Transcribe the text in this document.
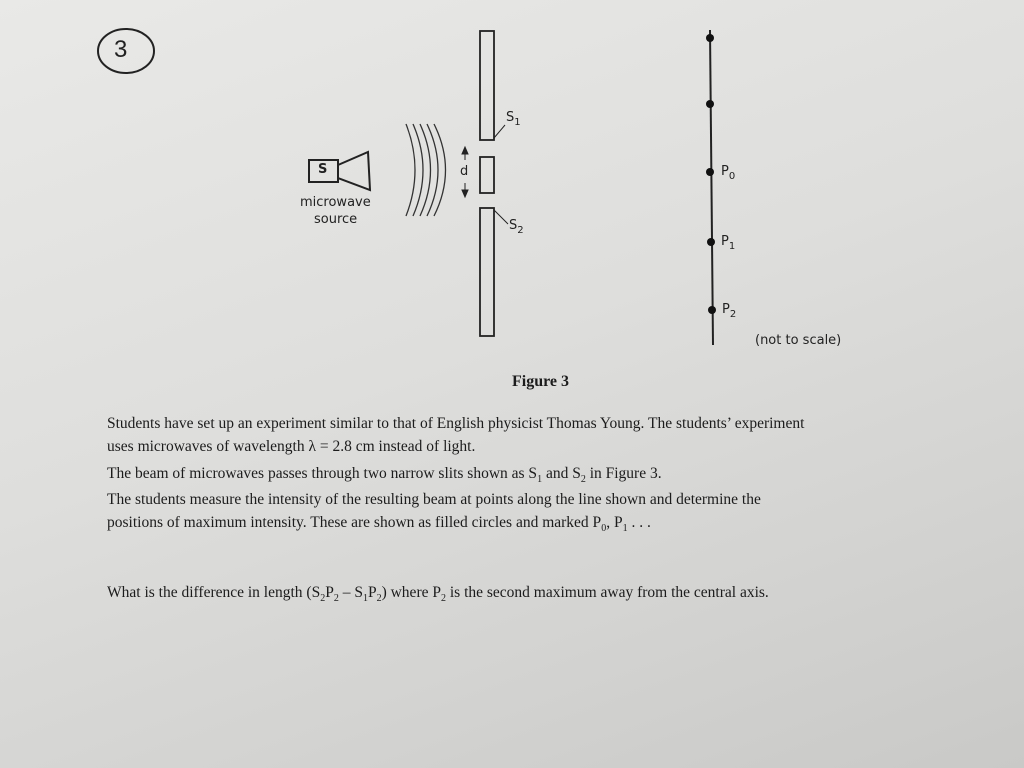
3
S
microwave
source
d
$S_1$
$S_2$
$P_0$
$P_1$
$P_2$
(not to scale)
Figure 3
Students have set up an experiment similar to that of English physicist Thomas Young. The students’ experiment
uses microwaves of wavelength λ = 2.8 cm instead of light.
The beam of microwaves passes through two narrow slits shown as $S_1$ and $S_2$ in Figure 3.
The students measure the intensity of the resulting beam at points along the line shown and determine the
positions of maximum intensity. These are shown as filled circles and marked $P_0$, $P_1$ . . .
What is the difference in length $(S_2P_2 - S_1P_2)$ where $P_2$ is the second maximum away from the central axis.
